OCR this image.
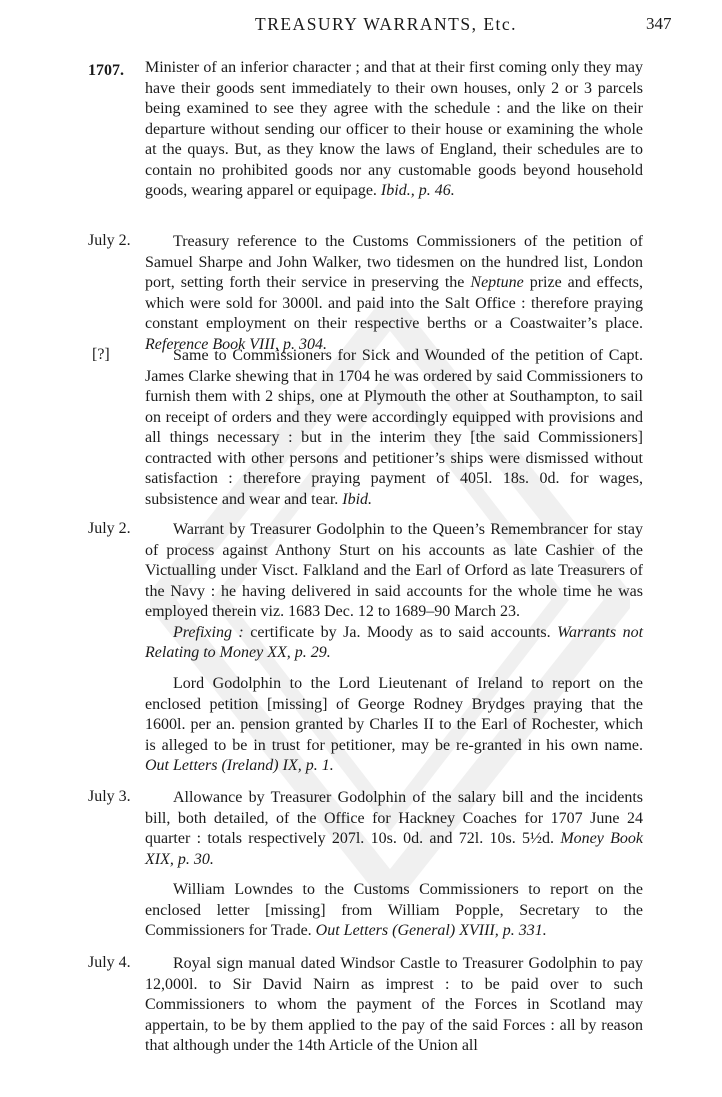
TREASURY WARRANTS, Etc.	347
1707. Minister of an inferior character ; and that at their first coming only they may have their goods sent immediately to their own houses, only 2 or 3 parcels being examined to see they agree with the schedule : and the like on their departure without sending our officer to their house or examining the whole at the quays. But, as they know the laws of England, their schedules are to contain no prohibited goods nor any customable goods beyond household goods, wearing apparel or equipage. Ibid., p. 46.

July 2.	Treasury reference to the Customs Commissioners of the petition of Samuel Sharpe and John Walker, two tidesmen on the hundred list, London port, setting forth their service in preserving the Neptune prize and effects, which were sold for 3000l. and paid into the Salt Office : therefore praying constant employment on their respective berths or a Coastwaiter’s place. Reference Book VIII, p. 304.

[?]	Same to Commissioners for Sick and Wounded of the petition of Capt. James Clarke shewing that in 1704 he was ordered by said Commissioners to furnish them with 2 ships, one at Plymouth the other at Southampton, to sail on receipt of orders and they were accordingly equipped with provisions and all things necessary : but in the interim they [the said Commissioners] contracted with other persons and petitioner’s ships were dismissed without satisfaction : therefore praying payment of 405l. 18s. 0d. for wages, subsistence and wear and tear. Ibid.

July 2.	Warrant by Treasurer Godolphin to the Queen’s Remembrancer for stay of process against Anthony Sturt on his accounts as late Cashier of the Victualling under Visct. Falkland and the Earl of Orford as late Treasurers of the Navy : he having delivered in said accounts for the whole time he was employed therein viz. 1683 Dec. 12 to 1689–90 March 23.

Prefixing : certificate by Ja. Moody as to said accounts. Warrants not Relating to Money XX, p. 29.

Lord Godolphin to the Lord Lieutenant of Ireland to report on the enclosed petition [missing] of George Rodney Brydges praying that the 1600l. per an. pension granted by Charles II to the Earl of Rochester, which is alleged to be in trust for petitioner, may be re-granted in his own name. Out Letters (Ireland) IX, p. 1.

July 3.	Allowance by Treasurer Godolphin of the salary bill and the incidents bill, both detailed, of the Office for Hackney Coaches for 1707 June 24 quarter : totals respectively 207l. 10s. 0d. and 72l. 10s. 5½d. Money Book XIX, p. 30.

William Lowndes to the Customs Commissioners to report on the enclosed letter [missing] from William Popple, Secretary to the Commissioners for Trade. Out Letters (General) XVIII, p. 331.

July 4.	Royal sign manual dated Windsor Castle to Treasurer Godolphin to pay 12,000l. to Sir David Nairn as imprest : to be paid over to such Commissioners to whom the payment of the Forces in Scotland may appertain, to be by them applied to the pay of the said Forces : all by reason that although under the 14th Article of the Union all
